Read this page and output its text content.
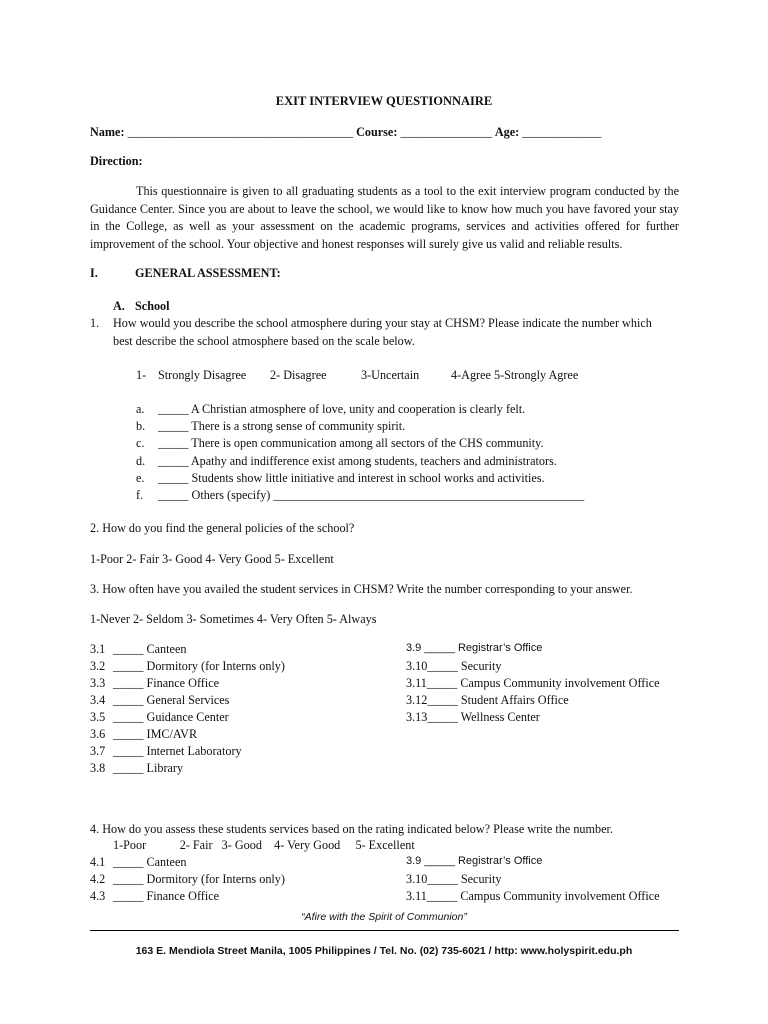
EXIT INTERVIEW QUESTIONNAIRE
Name: _____________________________________ Course: _______________ Age: _____________
Direction:
This questionnaire is given to all graduating students as a tool to the exit interview program conducted by the Guidance Center. Since you are about to leave the school, we would like to know how much you have favored your stay in the College, as well as your assessment on the academic programs, services and activities offered for further improvement of the school. Your objective and honest responses will surely give us valid and reliable results.
I.	GENERAL ASSESSMENT:
A. School
1. How would you describe the school atmosphere during your stay at CHSM? Please indicate the number which
best describe the school atmosphere based on the scale below.
1- Strongly Disagree 2- Disagree	3-Uncertain	4-Agree 5-Strongly Agree
a. _____ A Christian atmosphere of love, unity and cooperation is clearly felt.
b. _____ There is a strong sense of community spirit.
c. _____ There is open communication among all sectors of the CHS community.
d. _____ Apathy and indifference exist among students, teachers and administrators.
e. _____ Students show little initiative and interest in school works and activities.
f. _____ Others (specify) ___________________________________________________
2. How do you find the general policies of the school?
1-Poor 2- Fair 3- Good 4- Very Good 5- Excellent
3. How often have you availed the student services in CHSM? Write the number corresponding to your answer.
1-Never 2- Seldom 3- Sometimes 4- Very Often 5- Always
3.1 _____ Canteen
3.2 _____ Dormitory (for Interns only)
3.3 _____ Finance Office
3.4 _____ General Services
3.5 _____ Guidance Center
3.6 _____ IMC/AVR
3.7 _____ Internet Laboratory
3.8 _____ Library
3.9 _____ Registrar’s Office
3.10_____ Security
3.11_____ Campus Community involvement Office
3.12_____ Student Affairs Office
3.13_____ Wellness Center
4. How do you assess these students services based on the rating indicated below? Please write the number.
1-Poor           2- Fair   3- Good    4- Very Good     5- Excellent
4.1 _____ Canteen
4.2 _____ Dormitory (for Interns only)
4.3 _____ Finance Office
3.9 _____ Registrar’s Office
3.10_____ Security
3.11_____ Campus Community involvement Office
“Afire with the Spirit of Communion”
163 E. Mendiola Street Manila, 1005 Philippines / Tel. No. (02) 735-6021 / http: www.holyspirit.edu.ph
